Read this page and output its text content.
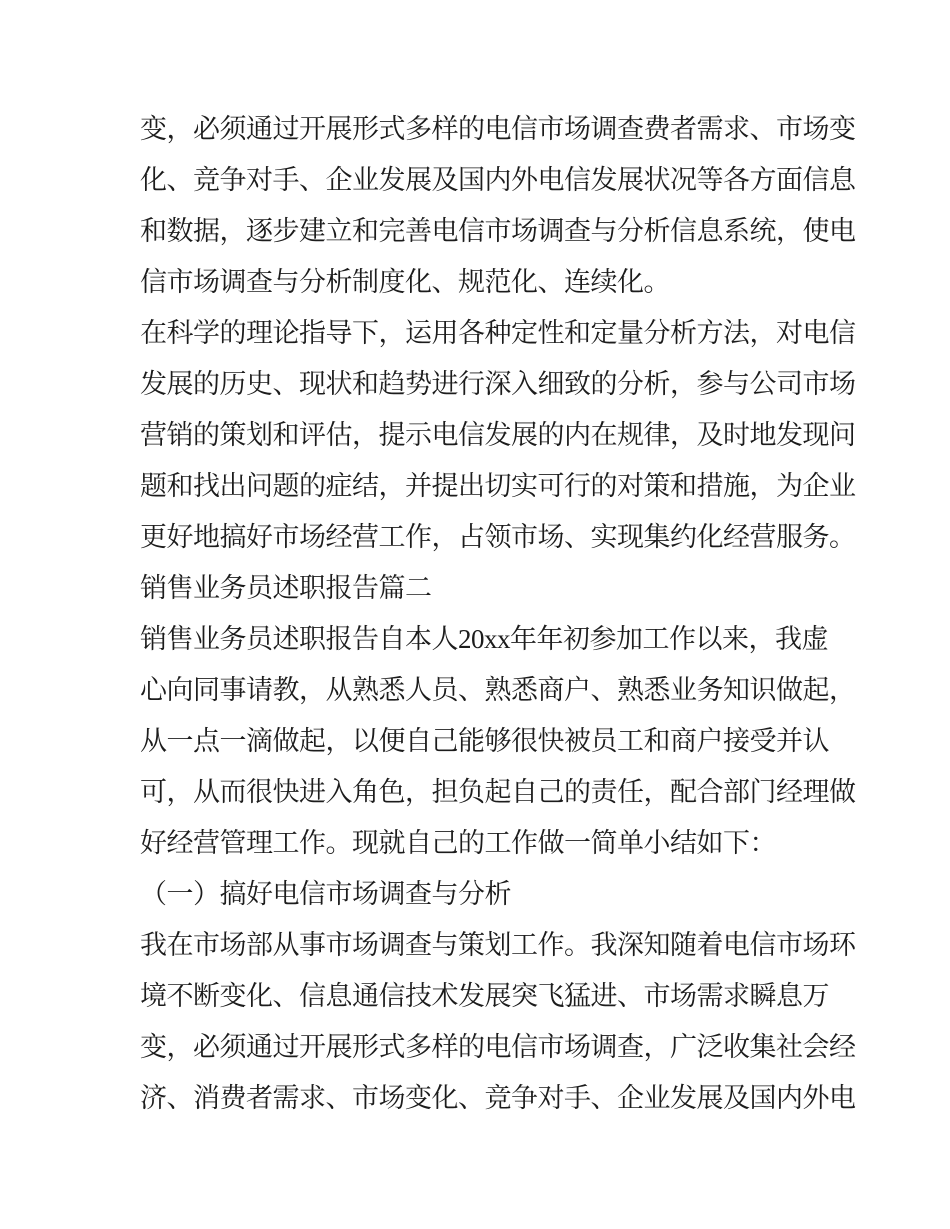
变，必须通过开展形式多样的电信市场调查费者需求、市场变
化、竞争对手、企业发展及国内外电信发展状况等各方面信息
和数据，逐步建立和完善电信市场调查与分析信息系统，使电
信市场调查与分析制度化、规范化、连续化。
在科学的理论指导下，运用各种定性和定量分析方法，对电信
发展的历史、现状和趋势进行深入细致的分析，参与公司市场
营销的策划和评估，提示电信发展的内在规律，及时地发现问
题和找出问题的症结，并提出切实可行的对策和措施，为企业
更好地搞好市场经营工作，占领市场、实现集约化经营服务。
销售业务员述职报告篇二
销售业务员述职报告自本人20xx年年初参加工作以来，我虚
心向同事请教，从熟悉人员、熟悉商户、熟悉业务知识做起，
从一点一滴做起，以便自己能够很快被员工和商户接受并认
可，从而很快进入角色，担负起自己的责任，配合部门经理做
好经营管理工作。现就自己的工作做一简单小结如下：
（一）搞好电信市场调查与分析
我在市场部从事市场调查与策划工作。我深知随着电信市场环
境不断变化、信息通信技术发展突飞猛进、市场需求瞬息万
变，必须通过开展形式多样的电信市场调查，广泛收集社会经
济、消费者需求、市场变化、竞争对手、企业发展及国内外电
